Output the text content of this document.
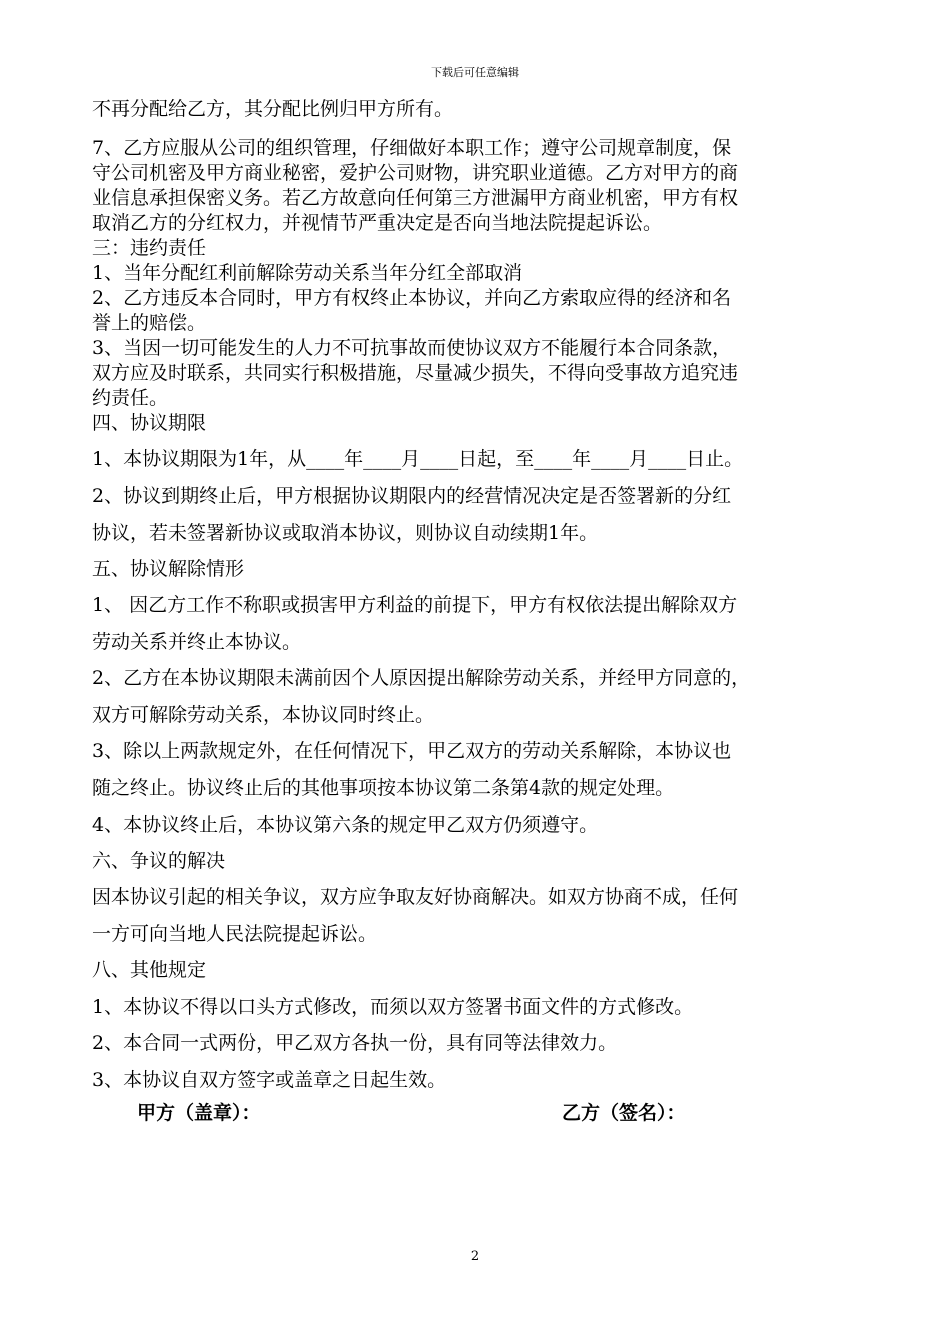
下载后可任意编辑
不再分配给乙方，其分配比例归甲方所有。
7、乙方应服从公司的组织管理，仔细做好本职工作；遵守公司规章制度，保
守公司机密及甲方商业秘密，爱护公司财物，讲究职业道德。乙方对甲方的商
业信息承担保密义务。若乙方故意向任何第三方泄漏甲方商业机密，甲方有权
取消乙方的分红权力，并视情节严重决定是否向当地法院提起诉讼。
三：违约责任
1、当年分配红利前解除劳动关系当年分红全部取消
2、乙方违反本合同时，甲方有权终止本协议，并向乙方索取应得的经济和名
誉上的赔偿。
3、当因一切可能发生的人力不可抗事故而使协议双方不能履行本合同条款，
双方应及时联系，共同实行积极措施，尽量减少损失，不得向受事故方追究违
约责任。
四、协议期限
1、本协议期限为1年，从____年____月____日起，至____年____月____日止。
2、协议到期终止后，甲方根据协议期限内的经营情况决定是否签署新的分红
协议，若未签署新协议或取消本协议，则协议自动续期1年。
五、协议解除情形
1、 因乙方工作不称职或损害甲方利益的前提下，甲方有权依法提出解除双方
劳动关系并终止本协议。
2、乙方在本协议期限未满前因个人原因提出解除劳动关系，并经甲方同意的，
双方可解除劳动关系，本协议同时终止。
3、除以上两款规定外，在任何情况下，甲乙双方的劳动关系解除，本协议也
随之终止。协议终止后的其他事项按本协议第二条第4款的规定处理。
4、本协议终止后，本协议第六条的规定甲乙双方仍须遵守。
六、争议的解决
因本协议引起的相关争议，双方应争取友好协商解决。如双方协商不成，任何
一方可向当地人民法院提起诉讼。
八、其他规定
1、本协议不得以口头方式修改，而须以双方签署书面文件的方式修改。
2、本合同一式两份，甲乙双方各执一份，具有同等法律效力。
3、本协议自双方签字或盖章之日起生效。
甲方（盖章）：	乙方（签名）：
2
